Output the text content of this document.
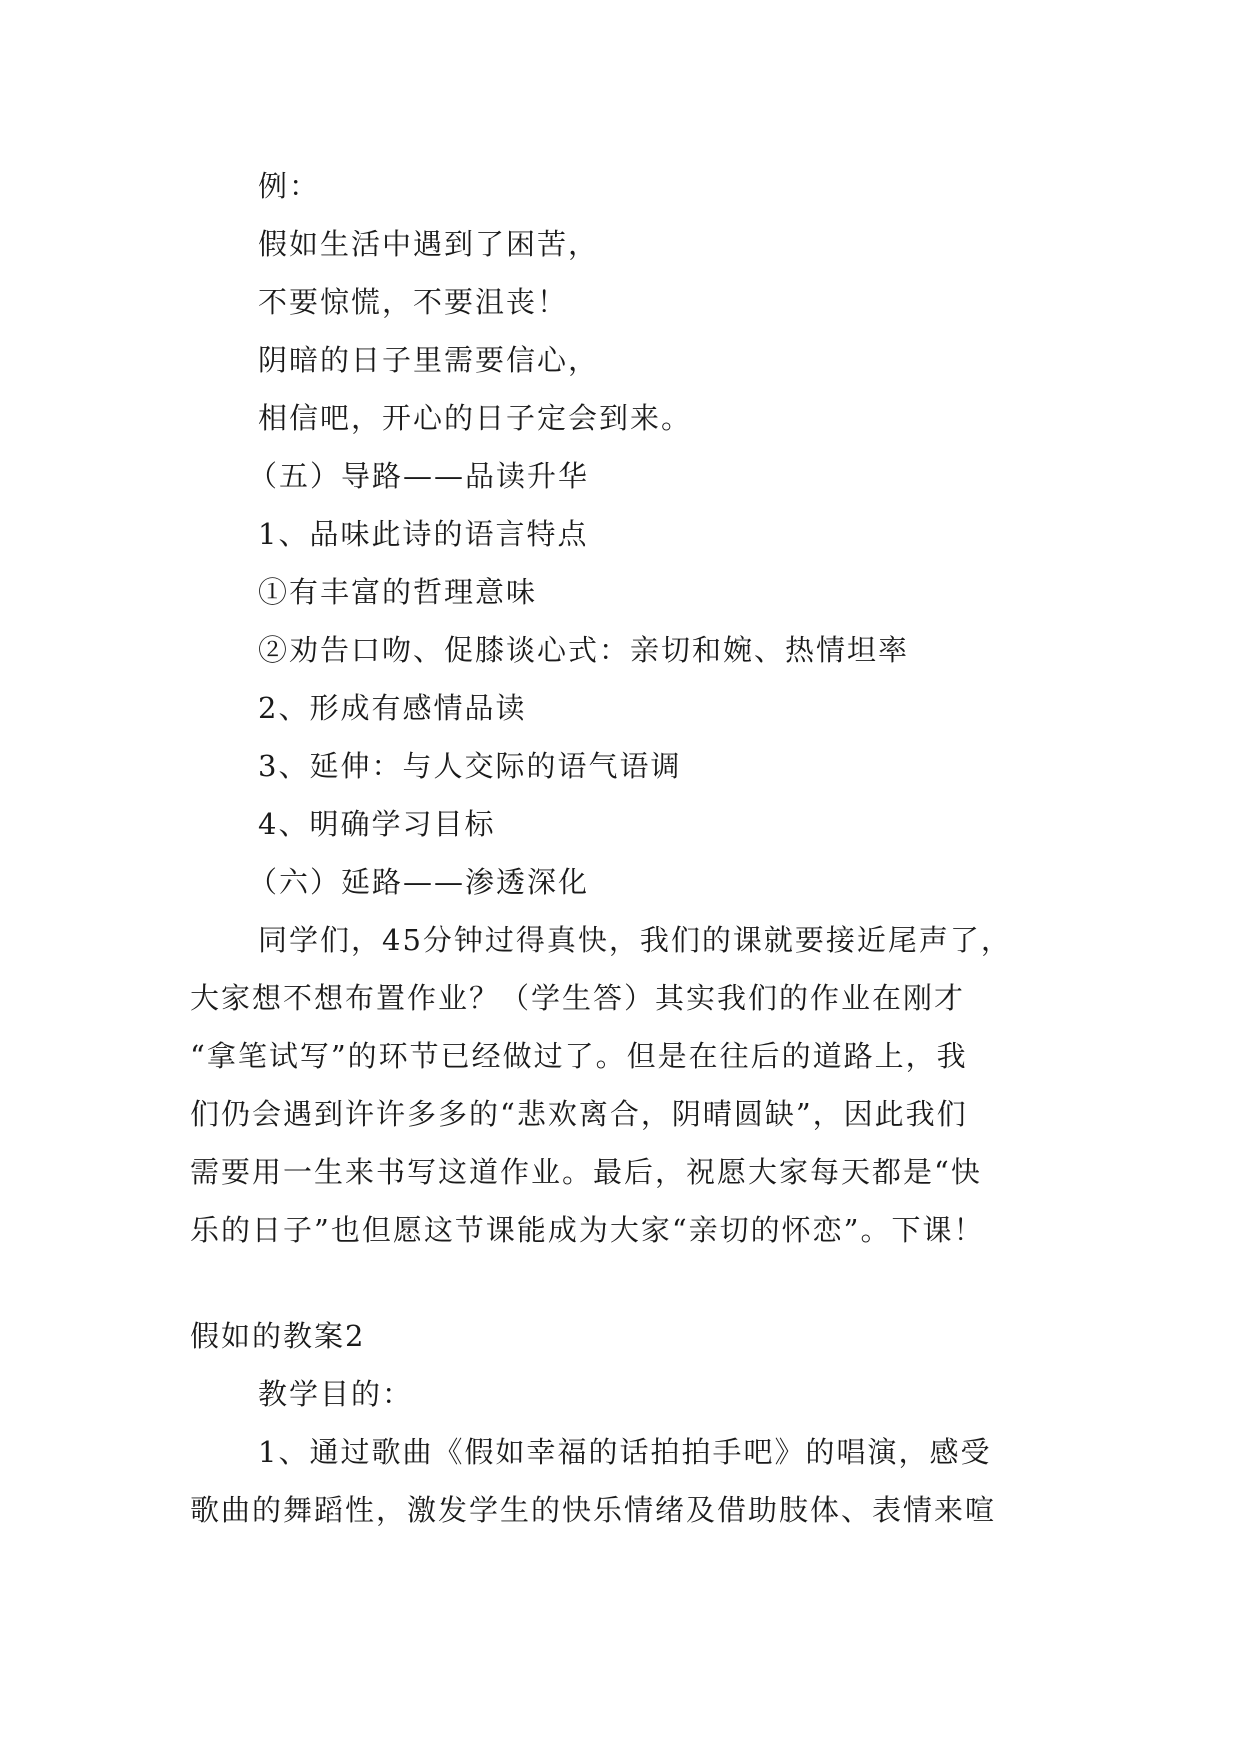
例：
假如生活中遇到了困苦，
不要惊慌，不要沮丧！
阴暗的日子里需要信心，
相信吧，开心的日子定会到来。
（五）导路——品读升华
1、品味此诗的语言特点
①有丰富的哲理意味
②劝告口吻、促膝谈心式：亲切和婉、热情坦率
2、形成有感情品读
3、延伸：与人交际的语气语调
4、明确学习目标
（六）延路——渗透深化
同学们，45分钟过得真快，我们的课就要接近尾声了，
大家想不想布置作业？（学生答）其实我们的作业在刚才
“拿笔试写”的环节已经做过了。但是在往后的道路上，我
们仍会遇到许许多多的“悲欢离合，阴晴圆缺”，因此我们
需要用一生来书写这道作业。最后，祝愿大家每天都是“快
乐的日子”也但愿这节课能成为大家“亲切的怀恋”。下课！
假如的教案2
教学目的：
1、通过歌曲《假如幸福的话拍拍手吧》的唱演，感受
歌曲的舞蹈性，激发学生的快乐情绪及借助肢体、表情来喧
